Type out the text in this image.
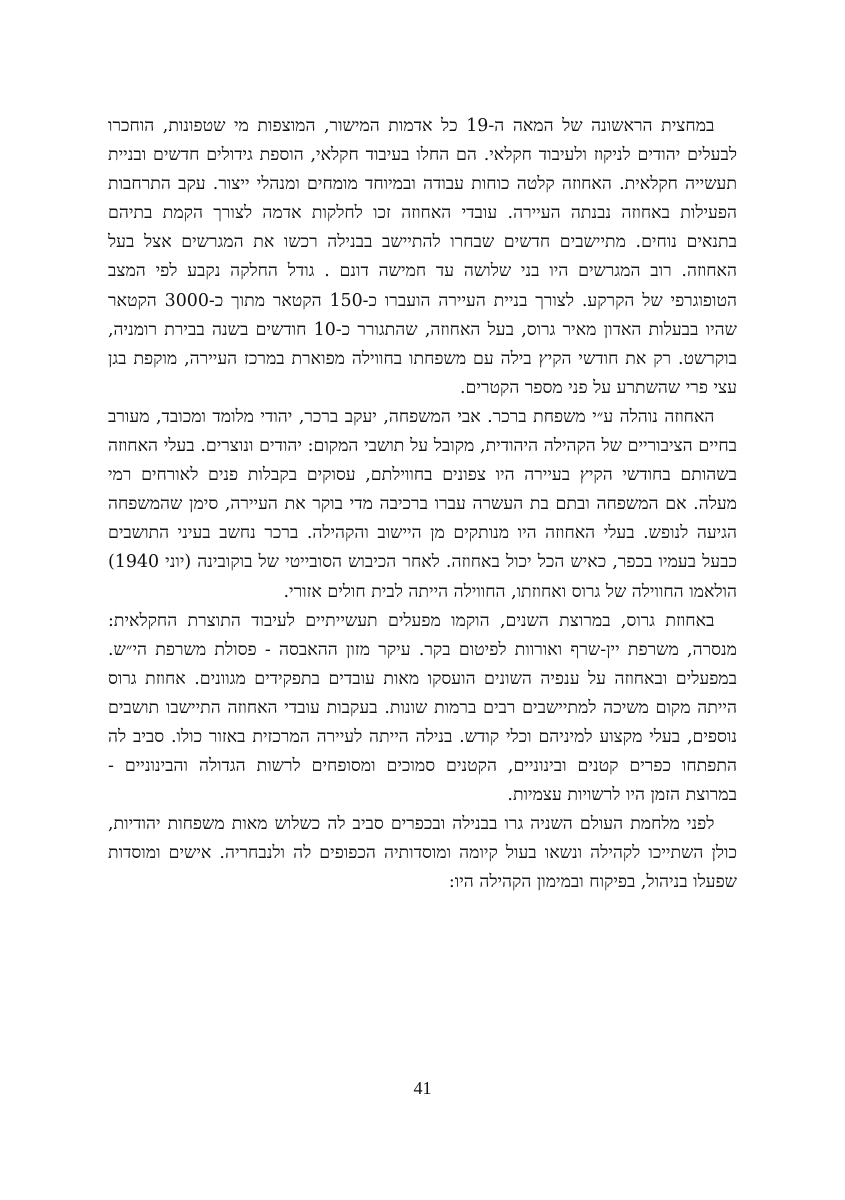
במחצית הראשונה של המאה ה-19 כל אדמות המישור, המוצפות מי שטפונות, הוחכרו לבעלים יהודים לניקוז ולעיבוד חקלאי. הם החלו בעיבוד חקלאי, הוספת גידולים חדשים ובניית תעשייה חקלאית. האחוזה קלטה כוחות עבודה ובמיוחד מומחים ומנהלי ייצור. עקב התרחבות הפעילות באחוזה נבנתה העיירה. עובדי האחוזה זכו לחלקות אדמה לצורך הקמת בתיהם בתנאים נוחים. מתיישבים חדשים שבחרו להתיישב בבנילה רכשו את המגרשים אצל בעל האחוזה. רוב המגרשים היו בני שלושה עד חמישה דונם . גודל החלקה נקבע לפי המצב הטופוגרפי של הקרקע. לצורך בניית העיירה הועברו כ-150 הקטאר מתוך כ-3000 הקטאר שהיו בבעלות האדון מאיר גרוס, בעל האחוזה, שהתגורר כ-10 חודשים בשנה בבירת רומניה, בוקרשט. רק את חודשי הקיץ בילה עם משפחתו בחווילה מפוארת במרכז העיירה, מוקפת בגן עצי פרי שהשתרע על פני מספר הקטרים.

האחוזה נוהלה ע״י משפחת ברכר. אבי המשפחה, יעקב ברכר, יהודי מלומד ומכובד, מעורב בחיים הציבוריים של הקהילה היהודית, מקובל על תושבי המקום: יהודים ונוצרים. בעלי האחוזה בשהותם בחודשי הקיץ בעיירה היו צפונים בחווילתם, עסוקים בקבלות פנים לאורחים רמי מעלה. אם המשפחה ובתם בת העשרה עברו ברכיבה מדי בוקר את העיירה, סימן שהמשפחה הגיעה לנופש. בעלי האחוזה היו מנותקים מן היישוב והקהילה. ברכר נחשב בעיני התושבים כבעל בעמיו בכפר, כאיש הכל יכול באחוזה. לאחר הכיבוש הסובייטי של בוקובינה (יוני 1940) הולאמו החווילה של גרוס ואחוזתו, החווילה הייתה לבית חולים אזורי.

באחוזת גרוס, במרוצת השנים, הוקמו מפעלים תעשייתיים לעיבוד התוצרת החקלאית: מנסרה, משרפת יין-שרף ואורוות לפיטום בקר. עיקר מזון ההאבסה - פסולת משרפת הי״ש. במפעלים ובאחוזה על ענפיה השונים הועסקו מאות עובדים בתפקידים מגוונים. אחוזת גרוס הייתה מקום משיכה למתיישבים רבים ברמות שונות. בעקבות עובדי האחוזה התיישבו תושבים נוספים, בעלי מקצוע למיניהם וכלי קודש. בנילה הייתה לעיירה המרכזית באזור כולו. סביב לה התפתחו כפרים קטנים ובינוניים, הקטנים סמוכים ומסופחים לרשות הגדולה והבינוניים - במרוצת הזמן היו לרשויות עצמיות.

לפני מלחמת העולם השניה גרו בבנילה ובכפרים סביב לה כשלוש מאות משפחות יהודיות, כולן השתייכו לקהילה ונשאו בעול קיומה ומוסדותיה הכפופים לה ולנבחריה. אישים ומוסדות שפעלו בניהול, בפיקוח ובמימון הקהילה היו:

41
